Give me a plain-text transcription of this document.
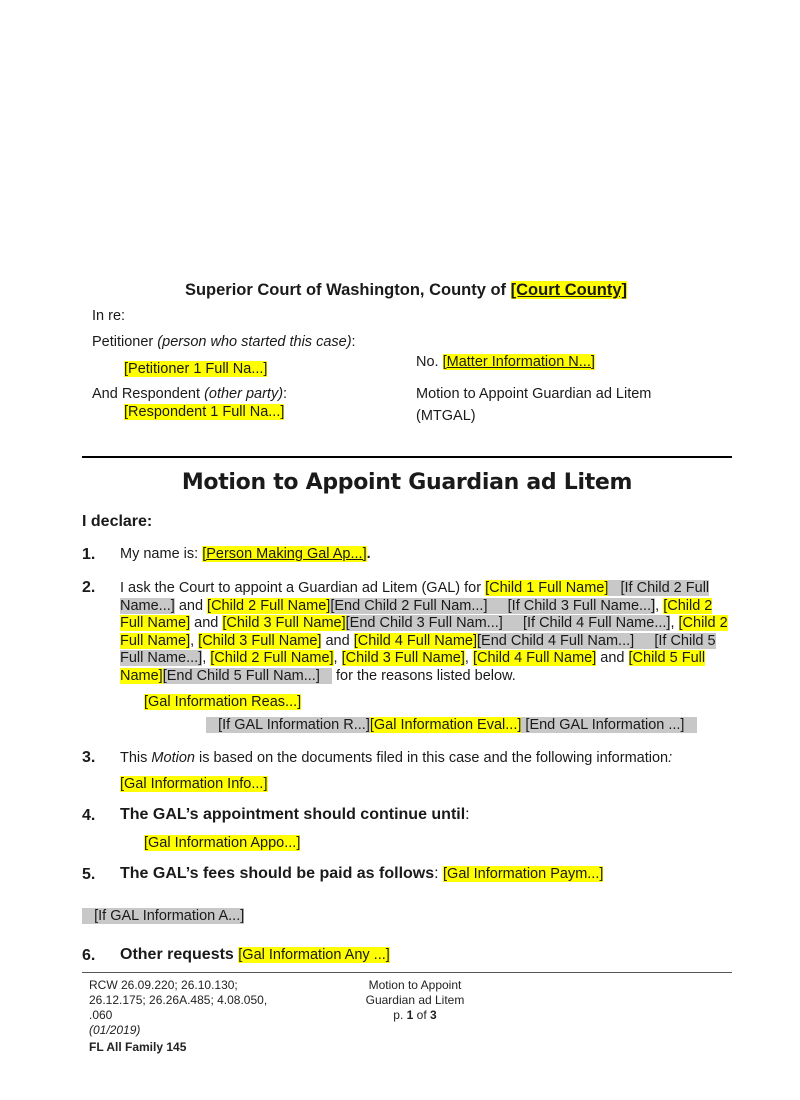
Superior Court of Washington, County of [Court County]
In re:
Petitioner (person who started this case):
[Petitioner 1 Full Na...]
And Respondent (other party):
[Respondent 1 Full Na...]
No. [Matter Information N...]
Motion to Appoint Guardian ad Litem
(MTGAL)
Motion to Appoint Guardian ad Litem
I declare:
1. My name is: [Person Making Gal Ap...].
2. I ask the Court to appoint a Guardian ad Litem (GAL) for [Child 1 Full Name] [If Child 2 Full Name...] and [Child 2 Full Name][End Child 2 Full Nam...] [If Child 3 Full Name...], [Child 2 Full Name] and [Child 3 Full Name][End Child 3 Full Nam...] [If Child 4 Full Name...], [Child 2 Full Name], [Child 3 Full Name] and [Child 4 Full Name][End Child 4 Full Nam...] [If Child 5 Full Name...], [Child 2 Full Name], [Child 3 Full Name], [Child 4 Full Name] and [Child 5 Full Name][End Child 5 Full Nam...]    for the reasons listed below.
[Gal Information Reas...]
[If GAL Information R...][Gal Information Eval...] [End GAL Information ...]
3. This Motion is based on the documents filed in this case and the following information:
[Gal Information Info...]
4. The GAL’s appointment should continue until:
[Gal Information Appo...]
5. The GAL’s fees should be paid as follows: [Gal Information Paym...]
[If GAL Information A...]
6. Other requests [Gal Information Any ...]
RCW 26.09.220; 26.10.130;
26.12.175; 26.26A.485; 4.08.050,
.060
(01/2019)
FL All Family 145
Motion to Appoint
Guardian ad Litem
p. 1 of 3
